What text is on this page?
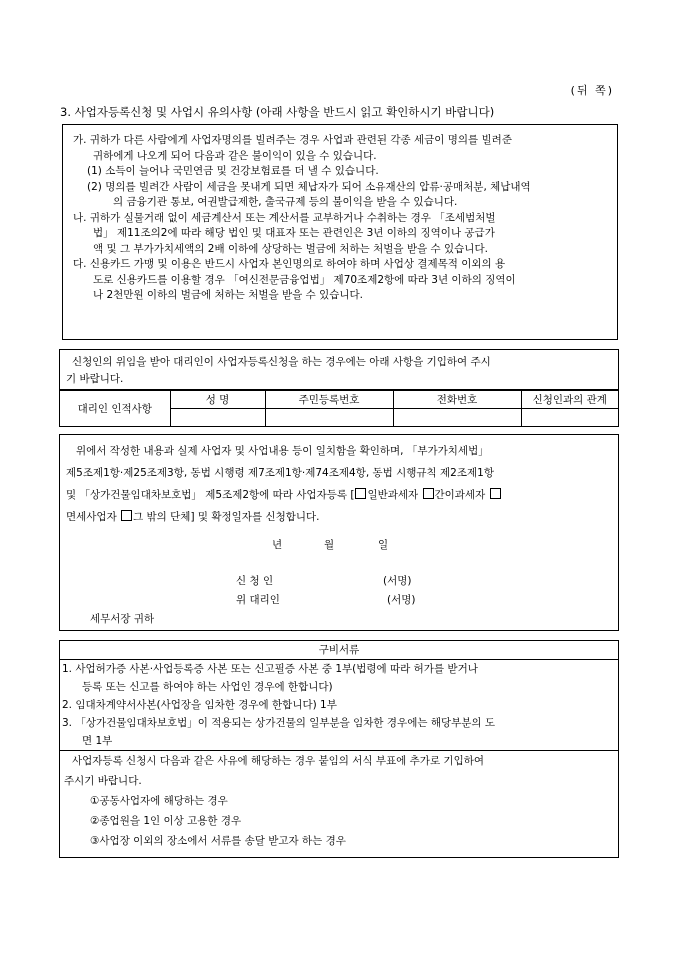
(뒤 쪽)
3. 사업자등록신청 및 사업시 유의사항 (아래 사항을 반드시 읽고 확인하시기 바랍니다)
가. 귀하가 다른 사람에게 사업자명의를 빌려주는 경우 사업과 관련된 각종 세금이 명의를 빌려준
귀하에게 나오게 되어 다음과 같은 불이익이 있을 수 있습니다.
(1) 소득이 늘어나 국민연금 및 건강보험료를 더 낼 수 있습니다.
(2) 명의를 빌려간 사람이 세금을 못내게 되면 체납자가 되어 소유재산의 압류·공매처분, 체납내역
의 금융기관 통보, 여권발급제한, 출국규제 등의 불이익을 받을 수 있습니다.
나. 귀하가 실물거래 없이 세금계산서 또는 계산서를 교부하거나 수취하는 경우 「조세범처벌
법」 제11조의2에 따라 해당 법인 및 대표자 또는 관련인은 3년 이하의 징역이나 공급가
액 및 그 부가가치세액의 2배 이하에 상당하는 벌금에 처하는 처벌을 받을 수 있습니다.
다. 신용카드 가맹 및 이용은 반드시 사업자 본인명의로 하여야 하며 사업상 결제목적 이외의 용
도로 신용카드를 이용할 경우 「여신전문금융업법」 제70조제2항에 따라 3년 이하의 징역이
나 2천만원 이하의 벌금에 처하는 처벌을 받을 수 있습니다.
신청인의 위임을 받아 대리인이 사업자등록신청을 하는 경우에는 아래 사항을 기입하여 주시
기 바랍니다.
대리인 인적사항	성 명	주민등록번호	전화번호	신청인과의 관계

위에서 작성한 내용과 실제 사업자 및 사업내용 등이 일치함을 확인하며, 「부가가치세법」
제5조제1항·제25조제3항, 동법 시행령 제7조제1항·제74조제4항, 동법 시행규칙 제2조제1항
및 「상가건물임대차보호법」 제5조제2항에 따라 사업자등록 [ 일반과세자 간이과세자
면세사업자 그 밖의 단체] 및 확정일자를 신청합니다.
년	월	일
신 청 인	(서명)
위 대리인	(서명)
세무서장 귀하
구비서류
1. 사업허가증 사본·사업등록증 사본 또는 신고필증 사본 중 1부(법령에 따라 허가를 받거나
등록 또는 신고를 하여야 하는 사업인 경우에 한합니다)
2. 임대차계약서사본(사업장을 임차한 경우에 한합니다) 1부
3. 「상가건물임대차보호법」이 적용되는 상가건물의 일부분을 임차한 경우에는 해당부분의 도
면 1부
사업자등록 신청시 다음과 같은 사유에 해당하는 경우 붙임의 서식 부표에 추가로 기입하여
주시기 바랍니다.
①공동사업자에 해당하는 경우
②종업원을 1인 이상 고용한 경우
③사업장 이외의 장소에서 서류를 송달 받고자 하는 경우
